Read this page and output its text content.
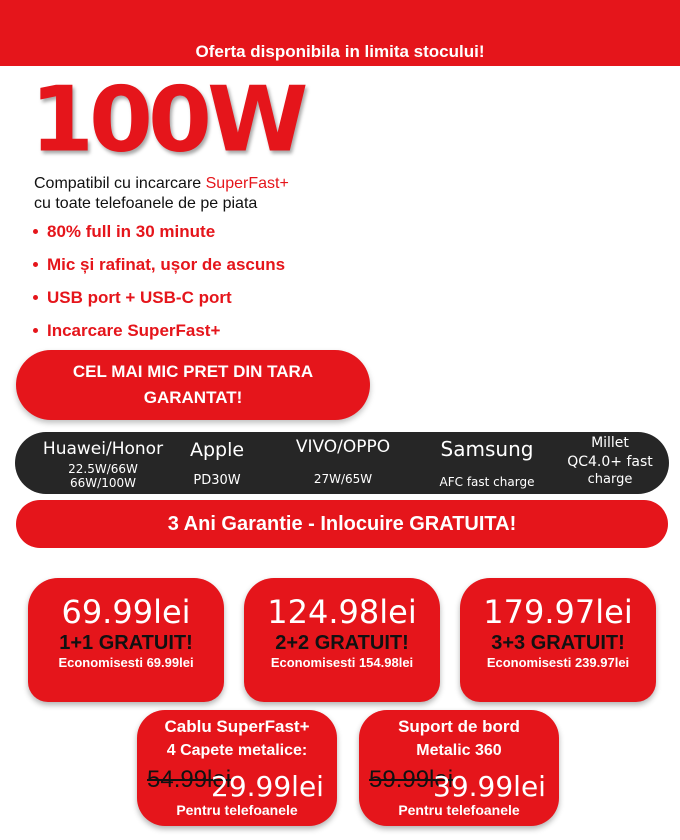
Oferta disponibila in limita stocului!
100W
Compatibil cu incarcare SuperFast+
cu toate telefoanele de pe piata
80% full in 30 minute
Mic și rafinat, ușor de ascuns
USB port + USB-C port
Incarcare SuperFast+
CEL MAI MIC PRET DIN TARA
GARANTAT!
Huawei/Honor
22.5W/66W
66W/100W
Apple
PD30W
VIVO/OPPO
27W/65W
Samsung
AFC fast charge
Millet
QC4.0+ fast
charge
3 Ani Garantie - Inlocuire GRATUITA!
69.99lei
1+1 GRATUIT!
Economisesti 69.99lei
124.98lei
2+2 GRATUIT!
Economisesti 154.98lei
179.97lei
3+3 GRATUIT!
Economisesti 239.97lei
Cablu SuperFast+
4 Capete metalice:
54.99lei
29.99lei
Pentru telefoanele
Suport de bord
Metalic 360
59.99lei
39.99lei
Pentru telefoanele
